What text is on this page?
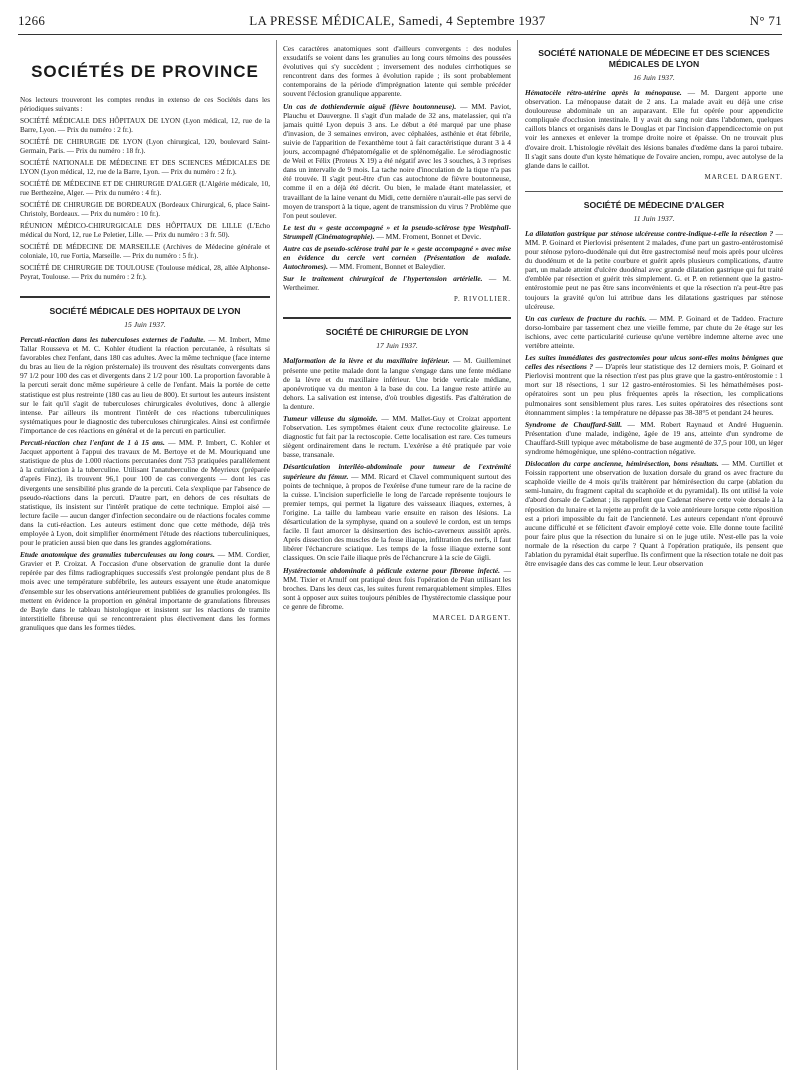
1266	LA PRESSE MÉDICALE, Samedi, 4 Septembre 1937	N° 71
SOCIÉTÉS DE PROVINCE

Nos lecteurs trouveront les comptes rendus in extenso de ces Sociétés dans les périodiques suivants :

SOCIÉTÉ MÉDICALE DES HÔPITAUX DE LYON (Lyon médical, 12, rue de la Barre, Lyon. — Prix du numéro : 2 fr.).

SOCIÉTÉ DE CHIRURGIE DE LYON (Lyon chirurgical, 120, boulevard Saint-Germain, Paris. — Prix du numéro : 18 fr.).

SOCIÉTÉ NATIONALE DE MÉDECINE ET DES SCIENCES MÉDICALES DE LYON (Lyon médical, 12, rue de la Barre, Lyon. — Prix du numéro : 2 fr.).

SOCIÉTÉ DE MÉDECINE ET DE CHIRURGIE D'ALGER (L'Algérie médicale, 10, rue Berthezène, Alger. — Prix du numéro : 4 fr.).

SOCIÉTÉ DE CHIRURGIE DE BORDEAUX (Bordeaux Chirurgical, 6, place Saint-Christoly, Bordeaux. — Prix du numéro : 10 fr.).

RÉUNION MÉDICO-CHIRURGICALE DES HÔPITAUX DE LILLE (L'Echo médical du Nord, 12, rue Le Peletier, Lille. — Prix du numéro : 3 fr. 50).

SOCIÉTÉ DE MÉDECINE DE MARSEILLE (Archives de Médecine générale et coloniale, 10, rue Fortia, Marseille. — Prix du numéro : 5 fr.).

SOCIÉTÉ DE CHIRURGIE DE TOULOUSE (Toulouse médical, 28, allée Alphonse-Peyrat, Toulouse. — Prix du numéro : 2 fr.).

SOCIÉTÉ MÉDICALE DES HOPITAUX DE LYON
15 Juin 1937.

Percuti-réaction dans les tuberculoses externes de l'adulte. — M. Imbert, Mme Tallar Rousseva et M. C. Kohler étudient la réaction percutanée, à résultats si favorables chez l'enfant, dans 180 cas adultes. Avec la même technique (face interne du bras au lieu de la région présternale) ils trouvent des résultats convergents dans 97 1/2 pour 100 des cas et divergents dans 2 1/2 pour 100. La proportion favorable à la percuti serait donc même supérieure à celle de l'enfant. Mais la portée de cette statistique est plus restreinte (180 cas au lieu de 800). Et surtout les auteurs insistent sur le fait qu'il s'agit de tuberculoses chirurgicales évolutives, donc à allergie intense. Par ailleurs ils montrent l'intérêt de ces réactions tuberculiniques systématiques pour le diagnostic des tuberculoses chirurgicales. Ainsi est confirmée l'importance de ces réactions en général et de la percuti en particulier.

Percuti-réaction chez l'enfant de 1 à 15 ans. — MM. P. Imbert, C. Kohler et Jacquet apportent à l'appui des travaux de M. Bertoye et de M. Mouriquand une statistique de plus de 1.000 réactions percutanées dont 753 pratiquées parallèlement à la cutiréaction à la tuberculine. Utilisant l'anatuberculine de Meyrieux (préparée d'après Finz), ils trouvent 96,1 pour 100 de cas convergents — dont les cas divergents une sensibilité plus grande de la percuti. Cela s'explique par l'absence de pseudo-réactions dans la percuti. D'autre part, en dehors de ces résultats de statistique, ils insistent sur l'intérêt pratique de cette technique. Emploi aisé — lecture facile — aucun danger d'infection secondaire ou de réactions focales comme dans la cuti-réaction. Les auteurs estiment donc que cette méthode, déjà très employée à Lyon, doit simplifier énormément l'étude des réactions tuberculiniques, pour le praticien aussi bien que dans les grandes agglomérations.

Etude anatomique des granulies tuberculeuses au long cours. — MM. Cordier, Gravier et P. Croizat. A l'occasion d'une observation de granulie dont la durée repérée par des films radiographiques successifs s'est prolongée pendant plus de 8 mois avec une température subfébrile, les auteurs essayent une étude anatomique d'ensemble sur les observations antérieurement publiées de granulies prolongées. Ils mettent en évidence la proportion en général importante de granulations fibreuses de Bayle dans le tableau histologique et insistent sur les réactions de tramite interstitielle fibreuse qui se rencontreraient plus électivement dans les formes granuliques que dans les formes tièdes.

Ces caractères anatomiques sont d'ailleurs convergents : des nodules exsudatifs se voient dans les granulies au long cours témoins des poussées évolutives qui s'y succèdent ; inversement des nodules cirrhotiques se rencontrent dans des formes à évolution rapide ; ils sont probablement contemporains de la période d'imprégnation latente qui semble précéder souvent l'éclosion granulique apparente.

Un cas de dothiendermie aiguë (fièvre boutonneuse). — MM. Paviot, Plauchu et Dauvergne. Il s'agit d'un malade de 32 ans, matelassier, qui n'a jamais quitté Lyon depuis 3 ans. Le début a été marqué par une phase d'invasion, de 3 semaines environ, avec céphalées, asthénie et état fébrile, suivie de l'apparition de l'exanthème tout à fait caractéristique durant 3 à 4 jours, accompagné d'hépatomégalie et de splénomégalie. Le sérodiagnostic de Weil et Félix (Proteus X 19) a été négatif avec les 3 souches, à 3 reprises dans un intervalle de 9 mois. La tache noire d'inoculation de la tique n'a pas été trouvée. Il s'agit peut-être d'un cas autochtone de fièvre boutonneuse, comme il en a déjà été décrit. Ou bien, le malade étant matelassier, et travaillant de la laine venant du Midi, cette dernière n'aurait-elle pas servi de moyen de transport à la tique, agent de transmission du virus ? Problème que l'on peut soulever.

Le test du « geste accompagné » et la pseudo-sclérose type Westphall-Strumpell (Cinématographie). — MM. Froment, Bonnet et Devic.

Autre cas de pseudo-sclérose trahi par le « geste accompagné » avec mise en évidence du cercle vert cornéen (Présentation de malade. Autochromes). — MM. Froment, Bonnet et Baleydier.

Sur le traitement chirurgical de l'hypertension artérielle. — M. Wertheimer.

P. RIVOLLIER.
SOCIÉTÉ DE CHIRURGIE DE LYON
17 Juin 1937.

Malformation de la lèvre et du maxillaire inférieur. — M. Guilleminet présente une petite malade dont la langue s'engage dans une fente médiane de la lèvre et du maxillaire inférieur. Une bride verticale médiane, aponévrotique va du menton à la base du cou. La langue reste attirée au dehors. La salivation est intense, d'où troubles digestifs. Pas d'altération de la denture.

Tumeur villeuse du sigmoïde. — MM. Mallet-Guy et Croizat apportent l'observation. Les symptômes étaient ceux d'une rectocolite glaireuse. Le diagnostic fut fait par la rectoscopie. Cette localisation est rare. Ces tumeurs siègent ordinairement dans le rectum. L'exérèse a été pratiquée par voie basse, transanale.

Désarticulation interiléo-abdominale pour tumeur de l'extrémité supérieure du fémur. — MM. Ricard et Clavel communiquent surtout des points de technique, à propos de l'exérèse d'une tumeur rare de la racine de la cuisse. L'incision superficielle le long de l'arcade représente toujours le premier temps, qui permet la ligature des vaisseaux iliaques, externes, à l'origine. La taille du lambeau varie ensuite en raison des lésions. La désarticulation de la symphyse, quand on a soulevé le cordon, est un temps facile. Il faut amorcer la désinsertion des ischio-caverneux aussitôt après. Après dissection des muscles de la fosse iliaque, infiltration des nerfs, il faut libérer l'échancrure sciatique. Les temps de la fosse iliaque externe sont classiques. On scie l'aile iliaque près de l'échancrure à la scie de Gigli.

Hystérectomie abdominale à pédicule externe pour fibrome infecté. — MM. Tixier et Arnulf ont pratiqué deux fois l'opération de Péan utilisant les broches. Dans les deux cas, les suites furent remarquablement simples. Elles sont à opposer aux suites toujours pénibles de l'hystérectomie classique pour ce genre de fibrome.

MARCEL DARGENT.
SOCIÉTÉ NATIONALE DE MÉDECINE ET DES SCIENCES MÉDICALES DE LYON
16 Juin 1937.

Hématocèle rétro-utérine après la ménopause. — M. Dargent apporte une observation. La ménopause datait de 2 ans. La malade avait eu déjà une crise douloureuse abdominale un an auparavant. Elle fut opérée pour appendicite compliquée d'occlusion intestinale. Il y avait du sang noir dans l'abdomen, quelques caillots blancs et organisés dans le Douglas et par l'incision d'appendicectomie on put voir les annexes et enlever la trompe droite noire et épaisse. On ne trouvait plus d'ovaire droit. L'histologie révélait des lésions banales d'œdème dans la paroi tubaire. Il s'agit sans doute d'un kyste hématique de l'ovaire ancien, rompu, avec autolyse de la glande dans le caillot.

MARCEL DARGENT.
SOCIÉTÉ DE MÉDECINE D'ALGER
11 Juin 1937.

La dilatation gastrique par sténose ulcéreuse contre-indique-t-elle la résection ? — MM. P. Goinard et Pierlovisi présentent 2 malades, d'une part un gastro-entérostomisé pour sténose pyloro-duodénale qui dut être gastrectomisé neuf mois après pour ulcères du duodénum et de la petite courbure et guérit après plusieurs complications, d'autre part, un malade atteint d'ulcère duodénal avec grande dilatation gastrique qui fut traité d'emblée par résection et guérit très simplement. G. et P. en retiennent que la gastro-entérostomie peut ne pas être sans inconvénients et que la résection n'a peut-être pas toujours la gravité qu'on lui attribue dans les dilatations gastriques par sténose ulcéreuse.

Un cas curieux de fracture du rachis. — MM. P. Goinard et de Taddeo. Fracture dorso-lombaire par tassement chez une vieille femme, par chute du 2e étage sur les ischions, avec cette particularité curieuse qu'une vertèbre indemne alterne avec une vertèbre atteinte.

Les suites immédiates des gastrectomies pour ulcus sont-elles moins bénignes que celles des résections ? — D'après leur statistique des 12 derniers mois, P. Goinard et Pierlovisi montrent que la résection n'est pas plus grave que la gastro-entérostomie : 1 mort sur 18 résections, 1 sur 12 gastro-entérostomies. Si les hémathémèses post-opératoires sont un peu plus fréquentes après la résection, les complications pulmonaires sont sensiblement plus rares. Les suites opératoires des résections sont étonnamment simples : la température ne dépasse pas 38-38°5 et pendant 24 heures.

Syndrome de Chauffard-Still. — MM. Robert Raynaud et André Huguenin. Présentation d'une malade, indigène, âgée de 19 ans, atteinte d'un syndrome de Chauffard-Still typique avec métabolisme de base augmenté de 37,5 pour 100, un léger syndrome hémogénique, une spléno-contraction négative.

Dislocation du carpe ancienne, hémirésection, bons résultats. — MM. Curtillet et Foissin rapportent une observation de luxation dorsale du grand os avec fracture du scaphoïde vieille de 4 mois qu'ils traitèrent par hémirésection du carpe (ablation du semi-lunaire, du fragment capital du scaphoïde et du pyramidal). Ils ont utilisé la voie d'abord dorsale de Cadenat ; ils rappellent que Cadenat réserve cette voie dorsale à la réposition du lunaire et la rejette au profit de la voie antérieure lorsque cette réposition est a priori impossible du fait de l'ancienneté. Les auteurs cependant n'ont éprouvé aucune difficulté et se félicitent d'avoir employé cette voie. Elle donne toute facilité pour faire plus que la résection du lunaire si on le juge utile. N'est-elle pas la voie normale de la résection du carpe ? Quant à l'opération pratiquée, ils pensent que l'ablation du pyramidal était superflue. Ils confirment que la résection totale ne doit pas être envisagée dans des cas comme le leur. Leur observation
